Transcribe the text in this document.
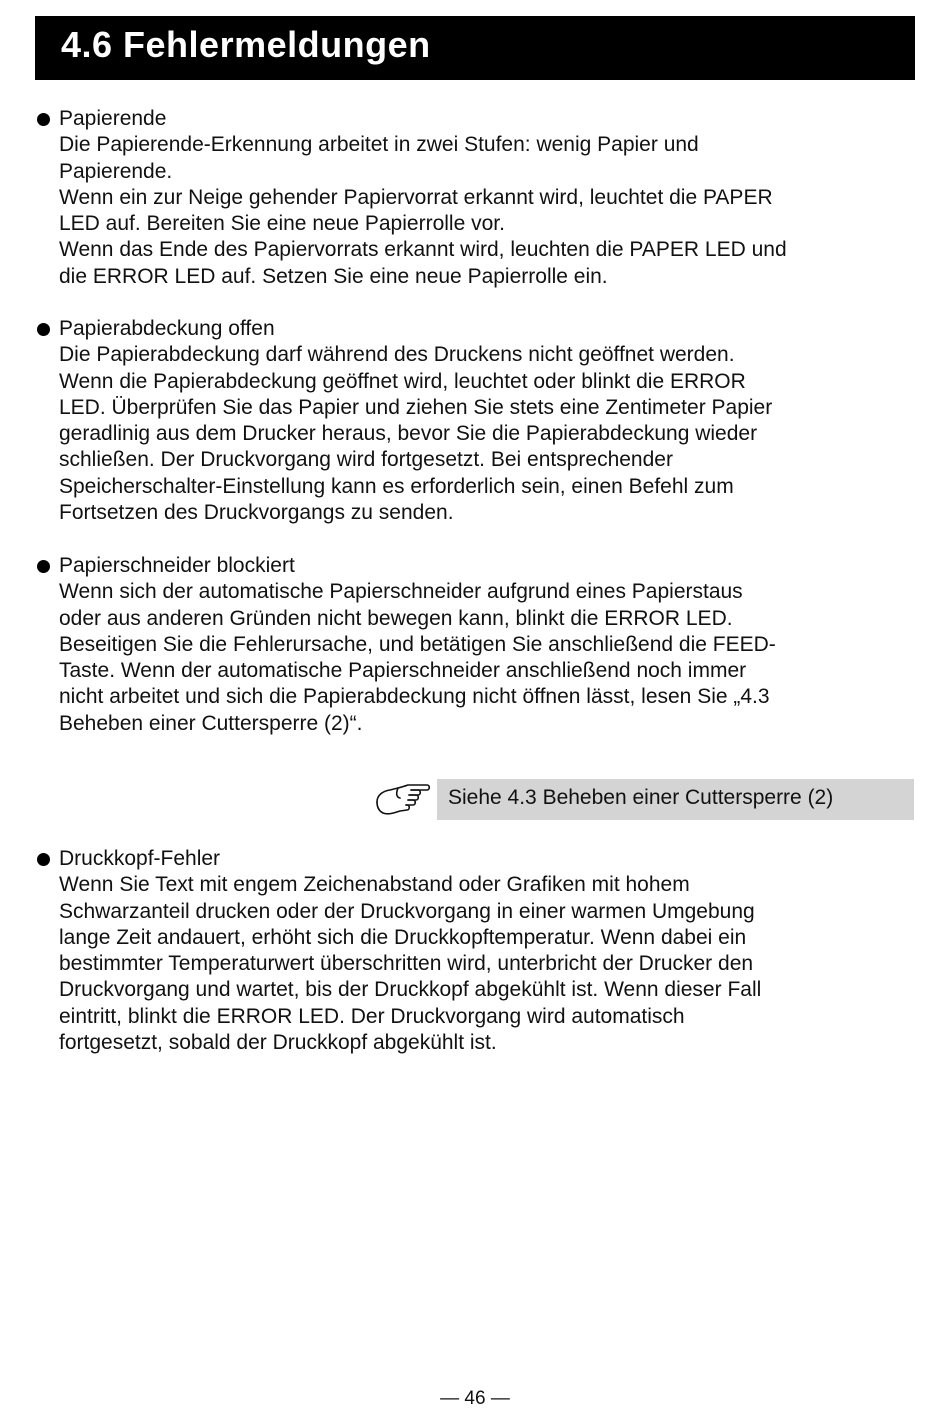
4.6 Fehlermeldungen
Papierende
Die Papierende-Erkennung arbeitet in zwei Stufen: wenig Papier und
Papierende.
Wenn ein zur Neige gehender Papiervorrat erkannt wird, leuchtet die PAPER
LED auf. Bereiten Sie eine neue Papierrolle vor.
Wenn das Ende des Papiervorrats erkannt wird, leuchten die PAPER LED und
die ERROR LED auf. Setzen Sie eine neue Papierrolle ein.
Papierabdeckung offen
Die Papierabdeckung darf während des Druckens nicht geöffnet werden.
Wenn die Papierabdeckung geöffnet wird, leuchtet oder blinkt die ERROR
LED. Überprüfen Sie das Papier und ziehen Sie stets eine Zentimeter Papier
geradlinig aus dem Drucker heraus, bevor Sie die Papierabdeckung wieder
schließen. Der Druckvorgang wird fortgesetzt. Bei entsprechender
Speicherschalter-Einstellung kann es erforderlich sein, einen Befehl zum
Fortsetzen des Druckvorgangs zu senden.
Papierschneider blockiert
Wenn sich der automatische Papierschneider aufgrund eines Papierstaus
oder aus anderen Gründen nicht bewegen kann, blinkt die ERROR LED.
Beseitigen Sie die Fehlerursache, und betätigen Sie anschließend die FEED-
Taste. Wenn der automatische Papierschneider anschließend noch immer
nicht arbeitet und sich die Papierabdeckung nicht öffnen lässt, lesen Sie „4.3
Beheben einer Cuttersperre (2)“.
Siehe 4.3 Beheben einer Cuttersperre (2)
Druckkopf-Fehler
Wenn Sie Text mit engem Zeichenabstand oder Grafiken mit hohem
Schwarzanteil drucken oder der Druckvorgang in einer warmen Umgebung
lange Zeit andauert, erhöht sich die Druckkopftemperatur. Wenn dabei ein
bestimmter Temperaturwert überschritten wird, unterbricht der Drucker den
Druckvorgang und wartet, bis der Druckkopf abgekühlt ist. Wenn dieser Fall
eintritt, blinkt die ERROR LED. Der Druckvorgang wird automatisch
fortgesetzt, sobald der Druckkopf abgekühlt ist.
— 46 —
